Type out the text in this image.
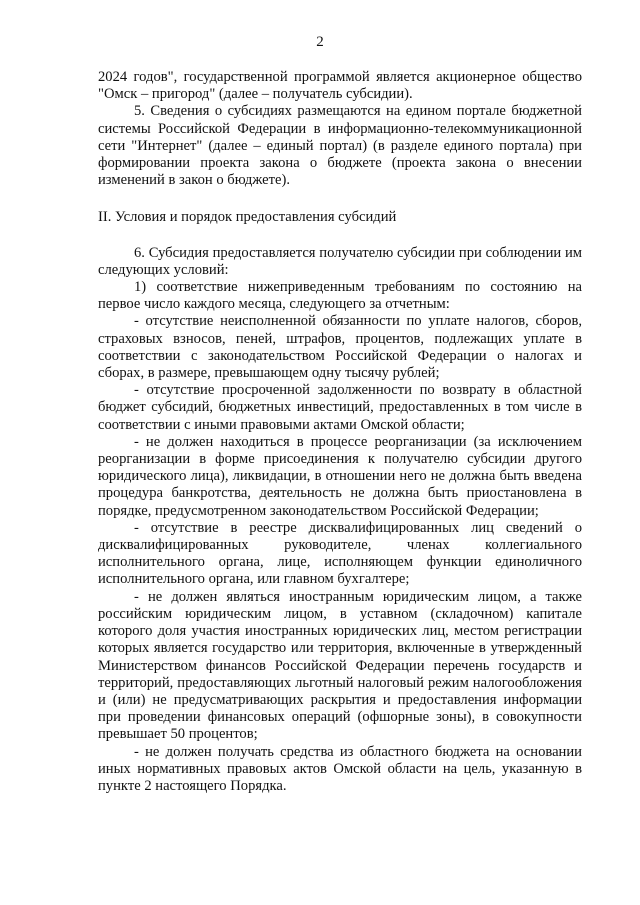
2

2024 годов", государственной программой является акционерное общество "Омск – пригород" (далее – получатель субсидии).

5. Сведения о субсидиях размещаются на едином портале бюджетной системы Российской Федерации в информационно-телекоммуникационной сети "Интернет" (далее – единый портал) (в разделе единого портала) при формировании проекта закона о бюджете (проекта закона о внесении изменений в закон о бюджете).

II. Условия и порядок предоставления субсидий

6. Субсидия предоставляется получателю субсидии при соблюдении им следующих условий:

1) соответствие нижеприведенным требованиям по состоянию на первое число каждого месяца, следующего за отчетным:

- отсутствие неисполненной обязанности по уплате налогов, сборов, страховых взносов, пеней, штрафов, процентов, подлежащих уплате в соответствии с законодательством Российской Федерации о налогах и сборах, в размере, превышающем одну тысячу рублей;

- отсутствие просроченной задолженности по возврату в областной бюджет субсидий, бюджетных инвестиций, предоставленных в том числе в соответствии с иными правовыми актами Омской области;

- не должен находиться в процессе реорганизации (за исключением реорганизации в форме присоединения к получателю субсидии другого юридического лица), ликвидации, в отношении него не должна быть введена процедура банкротства, деятельность не должна быть приостановлена в порядке, предусмотренном законодательством Российской Федерации;

- отсутствие в реестре дисквалифицированных лиц сведений о дисквалифицированных руководителе, членах коллегиального исполнительного органа, лице, исполняющем функции единоличного исполнительного органа, или главном бухгалтере;

- не должен являться иностранным юридическим лицом, а также российским юридическим лицом, в уставном (складочном) капитале которого доля участия иностранных юридических лиц, местом регистрации которых является государство или территория, включенные в утвержденный Министерством финансов Российской Федерации перечень государств и территорий, предоставляющих льготный налоговый режим налогообложения и (или) не предусматривающих раскрытия и предоставления информации при проведении финансовых операций (офшорные зоны), в совокупности превышает 50 процентов;

- не должен получать средства из областного бюджета на основании иных нормативных правовых актов Омской области на цель, указанную в пункте 2 настоящего Порядка.
